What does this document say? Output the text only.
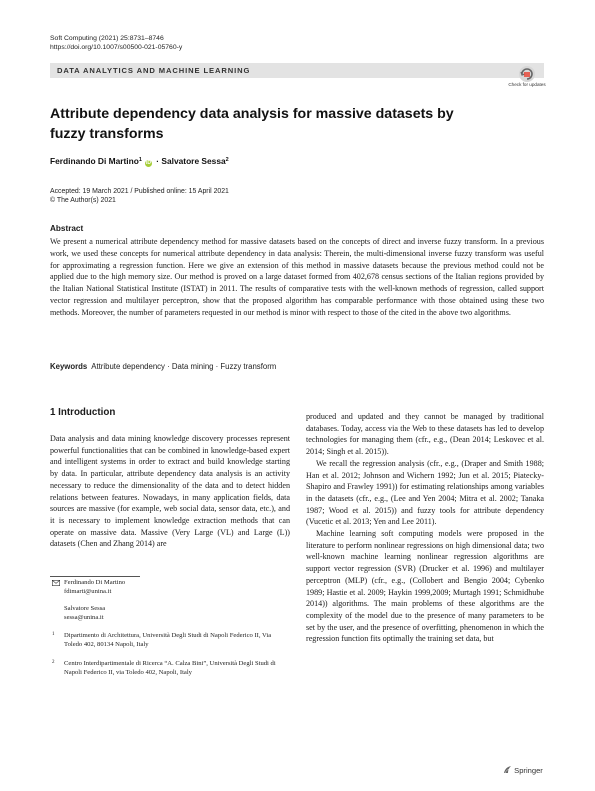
Soft Computing (2021) 25:8731–8746
https://doi.org/10.1007/s00500-021-05760-y
DATA ANALYTICS AND MACHINE LEARNING
Check for updates
Attribute dependency data analysis for massive datasets by fuzzy transforms
Ferdinando Di Martino$^1$ iD · Salvatore Sessa$^2$
Accepted: 19 March 2021 / Published online: 15 April 2021
© The Author(s) 2021
Abstract
We present a numerical attribute dependency method for massive datasets based on the concepts of direct and inverse fuzzy transform. In a previous work, we used these concepts for numerical attribute dependency in data analysis: Therein, the multi-dimensional inverse fuzzy transform was useful for approximating a regression function. Here we give an extension of this method in massive datasets because the previous method could not be applied due to the high memory size. Our method is proved on a large dataset formed from 402,678 census sections of the Italian regions provided by the Italian National Statistical Institute (ISTAT) in 2011. The results of comparative tests with the well-known methods of regression, called support vector regression and multilayer perceptron, show that the proposed algorithm has comparable performance with those obtained using these two methods. Moreover, the number of parameters requested in our method is minor with respect to those of the cited in the above two algorithms.
Keywords Attribute dependency · Data mining · Fuzzy transform
1 Introduction

Data analysis and data mining knowledge discovery processes represent powerful functionalities that can be combined in knowledge-based expert and intelligent systems in order to extract and build knowledge starting by data. In particular, attribute dependency data analysis is an activity necessary to reduce the dimensionality of the data and to detect hidden relations between features. Nowadays, in many application fields, data sources are massive (for example, web social data, sensor data, etc.), and it is necessary to implement knowledge extraction methods that can operate on massive data. Massive (Very Large (VL) and Large (L)) datasets (Chen and Zhang 2014) are

produced and updated and they cannot be managed by traditional databases. Today, access via the Web to these datasets has led to develop technologies for managing them (cfr., e.g., (Dean 2014; Leskovec et al. 2014; Singh et al. 2015)).

We recall the regression analysis (cfr., e.g., (Draper and Smith 1988; Han et al. 2012; Johnson and Wichern 1992; Jun et al. 2015; Piatecky-Shapiro and Frawley 1991)) for estimating relationships among variables in the datasets (cfr., e.g., (Lee and Yen 2004; Mitra et al. 2002; Tanaka 1987; Wood et al. 2015)) and fuzzy tools for attribute dependency (Vucetic et al. 2013; Yen and Lee 2011).

Machine learning soft computing models were proposed in the literature to perform nonlinear regressions on high dimensional data; two well-known machine learning nonlinear regression algorithms are support vector regression (SVR) (Drucker et al. 1996) and multilayer perceptron (MLP) (cfr., e.g., (Collobert and Bengio 2004; Cybenko 1989; Hastie et al. 2009; Haykin 1999,2009; Murtagh 1991; Schmidhube 2014)) algorithms. The main problems of these algorithms are the complexity of the model due to the presence of many parameters to be set by the user, and the presence of overfitting, phenomenon in which the regression function fits optimally the training set data, but

Ferdinando Di Martino
fdimarti@unina.it
Salvatore Sessa
sessa@unina.it
1 Dipartimento di Architettura, Università Degli Studi di Napoli Federico II, Via Toledo 402, 80134 Napoli, Italy
2 Centro Interdipartimentale di Ricerca “A. Calza Bini”, Università Degli Studi di Napoli Federico II, via Toledo 402, Napoli, Italy
Springer
